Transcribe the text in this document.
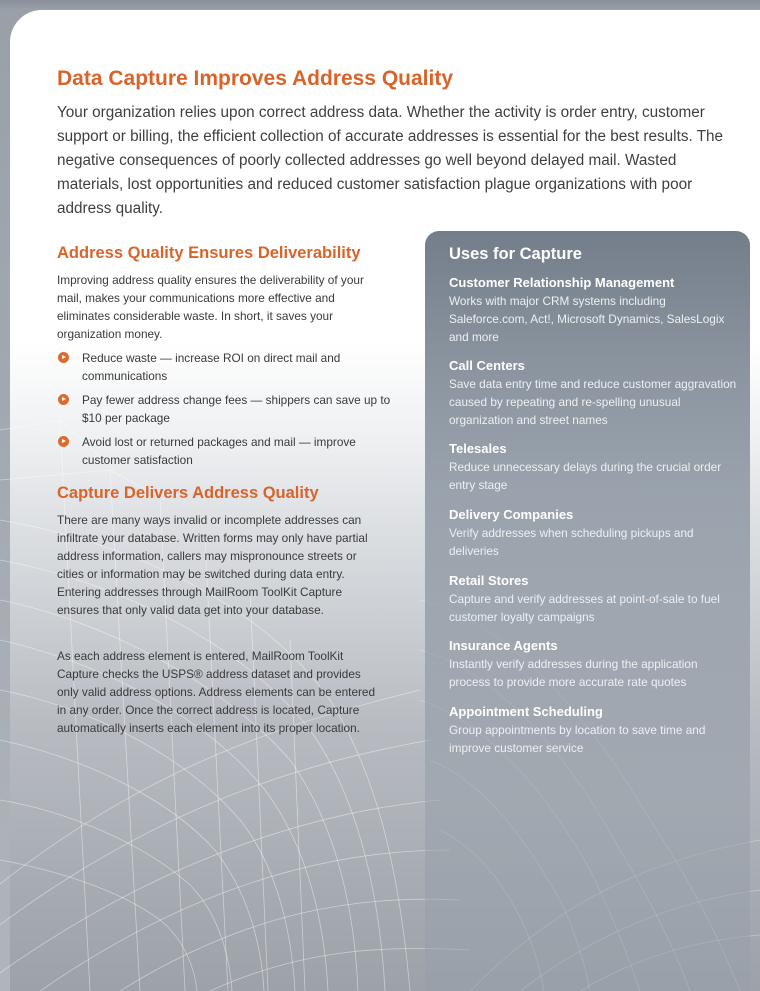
Data Capture Improves Address Quality

Your organization relies upon correct address data. Whether the activity is order entry, customer support or billing, the efficient collection of accurate addresses is essential for the best results. The negative consequences of poorly collected addresses go well beyond delayed mail. Wasted materials, lost opportunities and reduced customer satisfaction plague organizations with poor address quality.

Address Quality Ensures Deliverability

Improving address quality ensures the deliverability of your mail, makes your communications more effective and eliminates considerable waste. In short, it saves your organization money.

Reduce waste — increase ROI on direct mail and communications
Pay fewer address change fees — shippers can save up to $10 per package
Avoid lost or returned packages and mail — improve customer satisfaction
Capture Delivers Address Quality

There are many ways invalid or incomplete addresses can infiltrate your database. Written forms may only have partial address information, callers may mispronounce streets or cities or information may be switched during data entry. Entering addresses through MailRoom ToolKit Capture ensures that only valid data get into your database.

As each address element is entered, MailRoom ToolKit Capture checks the USPS® address dataset and provides only valid address options. Address elements can be entered in any order. Once the correct address is located, Capture automatically inserts each element into its proper location.

Uses for Capture

Customer Relationship Management

Works with major CRM systems including Saleforce.com, Act!, Microsoft Dynamics, SalesLogix and more

Call Centers

Save data entry time and reduce customer aggravation caused by repeating and re-spelling unusual organization and street names

Telesales

Reduce unnecessary delays during the crucial order entry stage

Delivery Companies

Verify addresses when scheduling pickups and deliveries

Retail Stores

Capture and verify addresses at point-of-sale to fuel customer loyalty campaigns

Insurance Agents

Instantly verify addresses during the application process to provide more accurate rate quotes

Appointment Scheduling

Group appointments by location to save time and improve customer service
